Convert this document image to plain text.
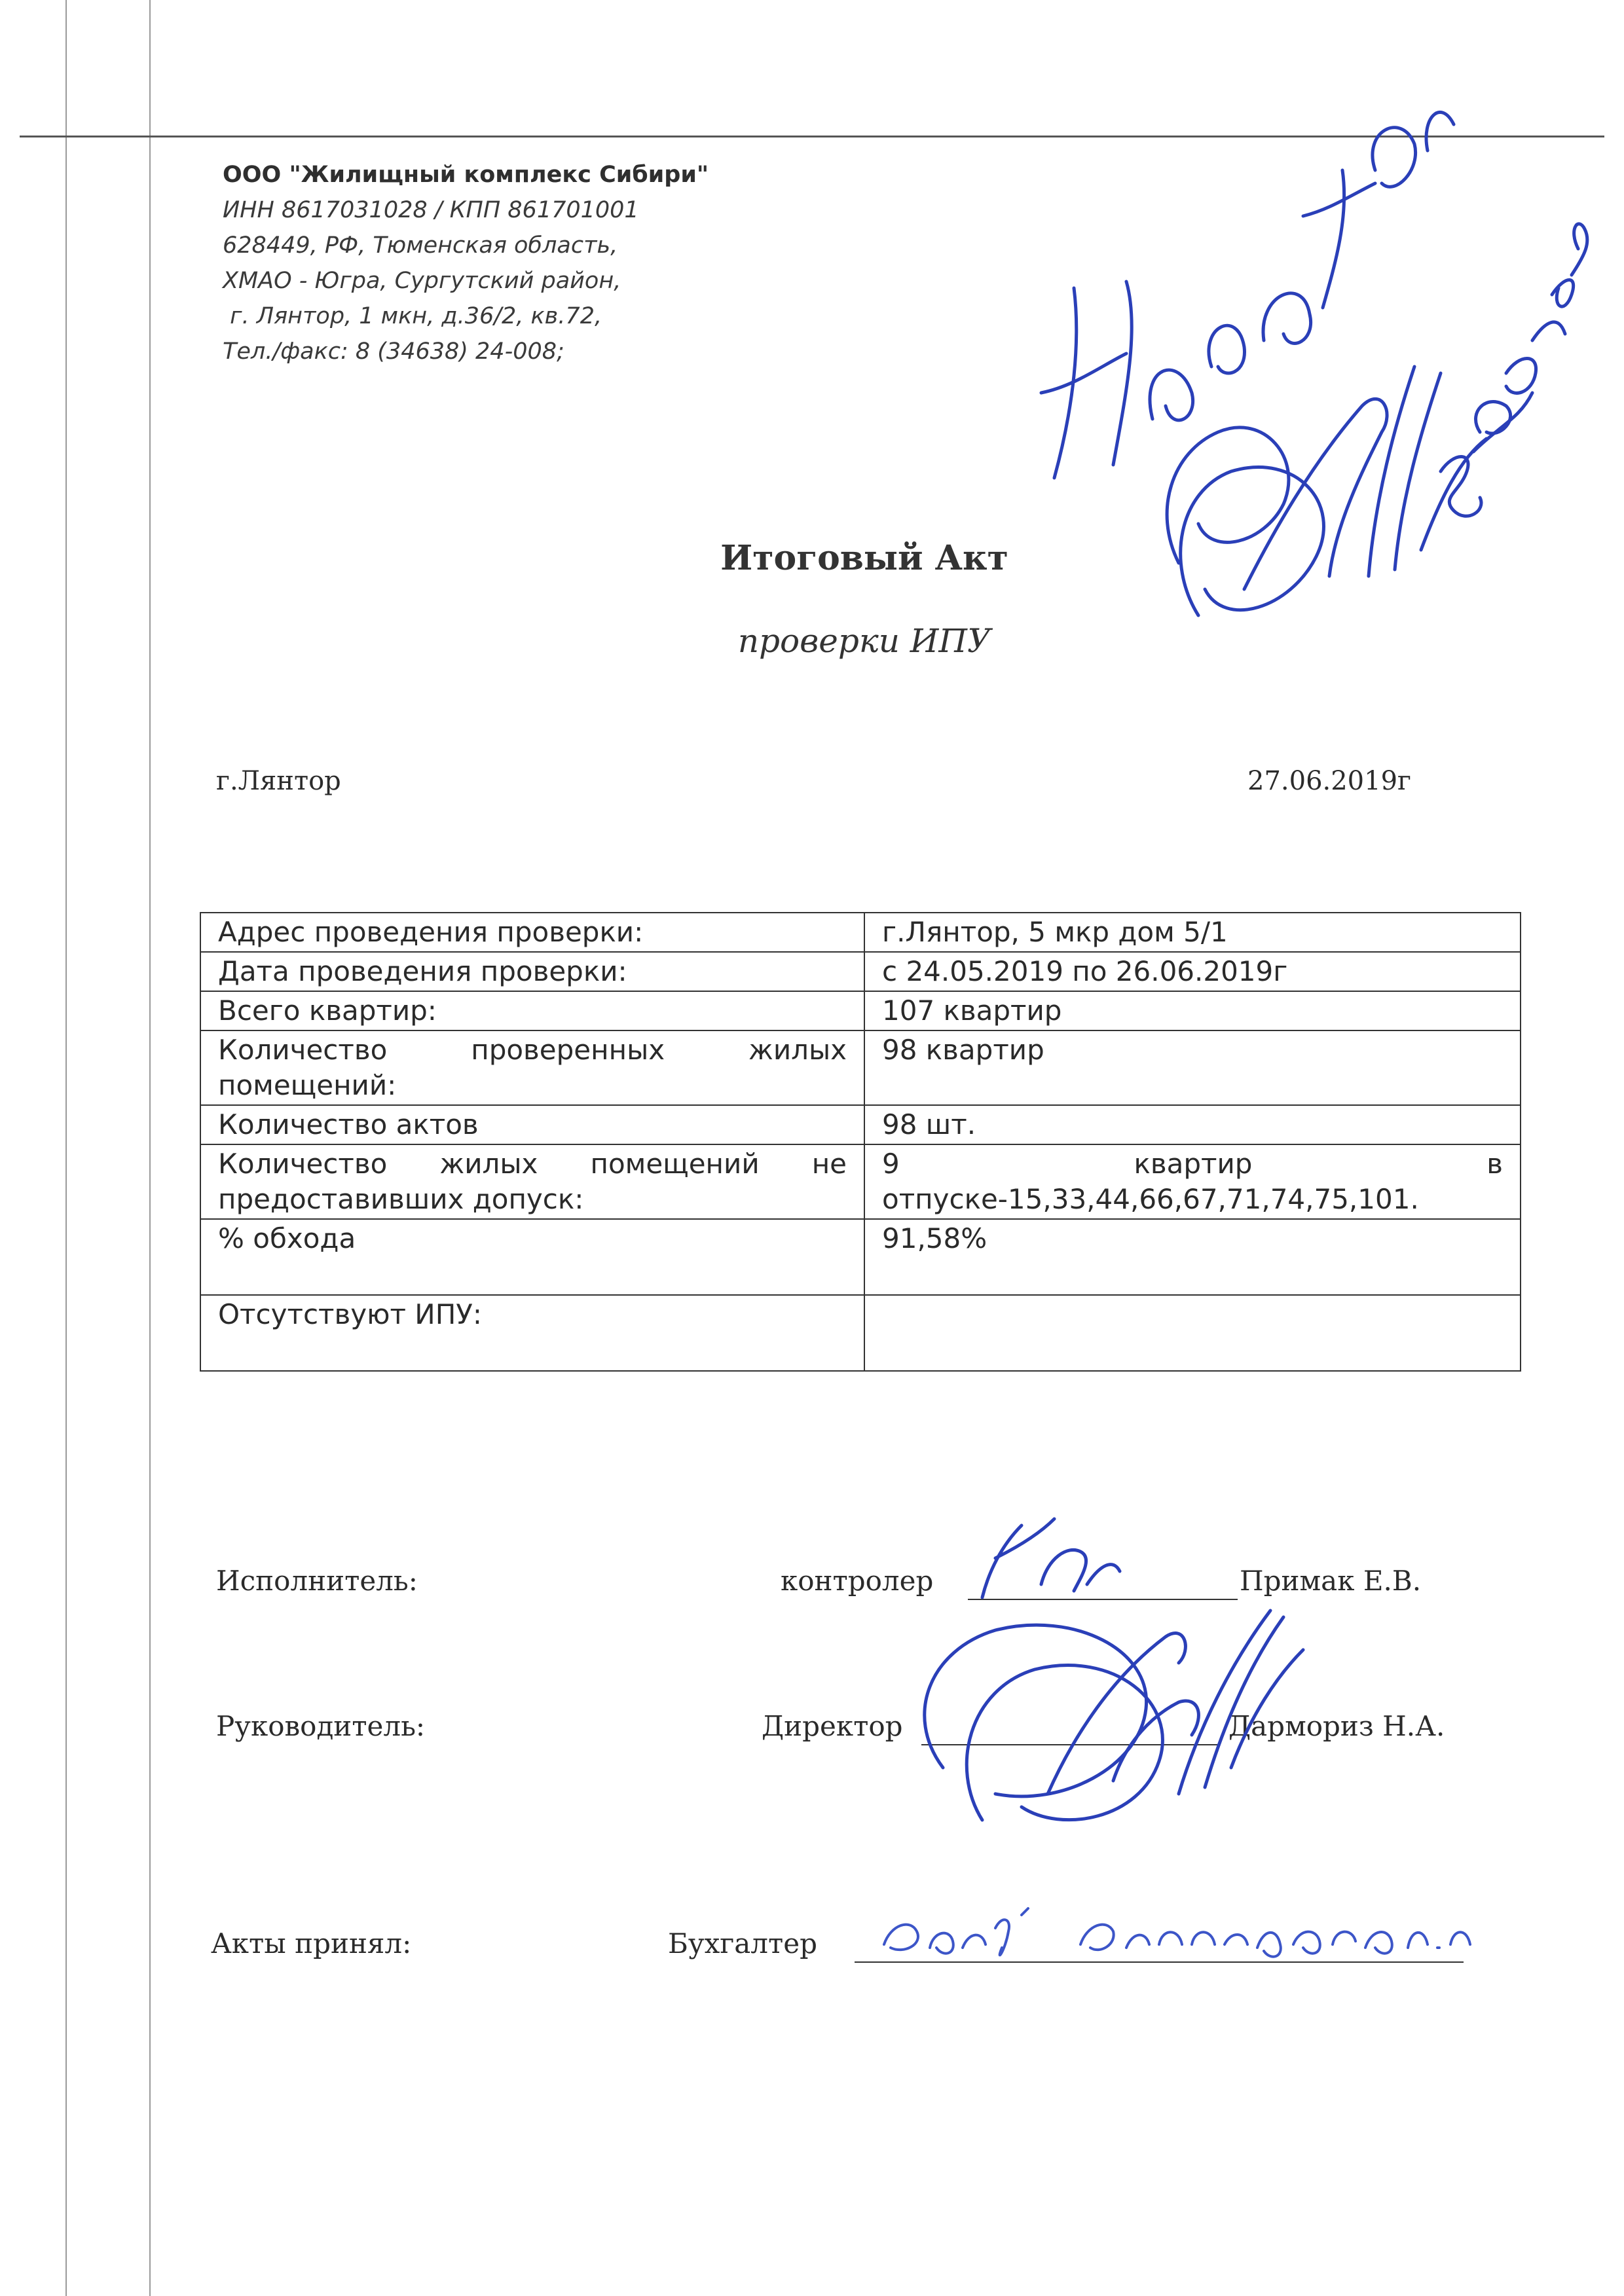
ООО "Жилищный комплекс Сибири"
ИНН 8617031028 / КПП 861701001
628449, РФ, Тюменская область,
ХМАО - Югра, Сургутский район,
г. Лянтор, 1 мкн, д.36/2, кв.72,
Тел./факс: 8 (34638) 24-008;
Итоговый Акт
проверки ИПУ
г.Лянтор	27.06.2019г
Адрес проведения проверки:	г.Лянтор, 5 мкр дом 5/1
Дата проведения проверки:	с 24.05.2019 по 26.06.2019г
Всего квартир:	107 квартир
Количество проверенных жилых помещений:	98 квартир
Количество актов	98 шт.
Количество жилых помещений не предоставивших допуск:	9 квартир в отпуске-15,33,44,66,67,71,74,75,101.
% обхода	91,58%
Отсутствуют ИПУ:	
Исполнитель:	контролер	Примак Е.В.
Руководитель:	Директор	Дармориз Н.А.
Акты принял:	Бухгалтер
